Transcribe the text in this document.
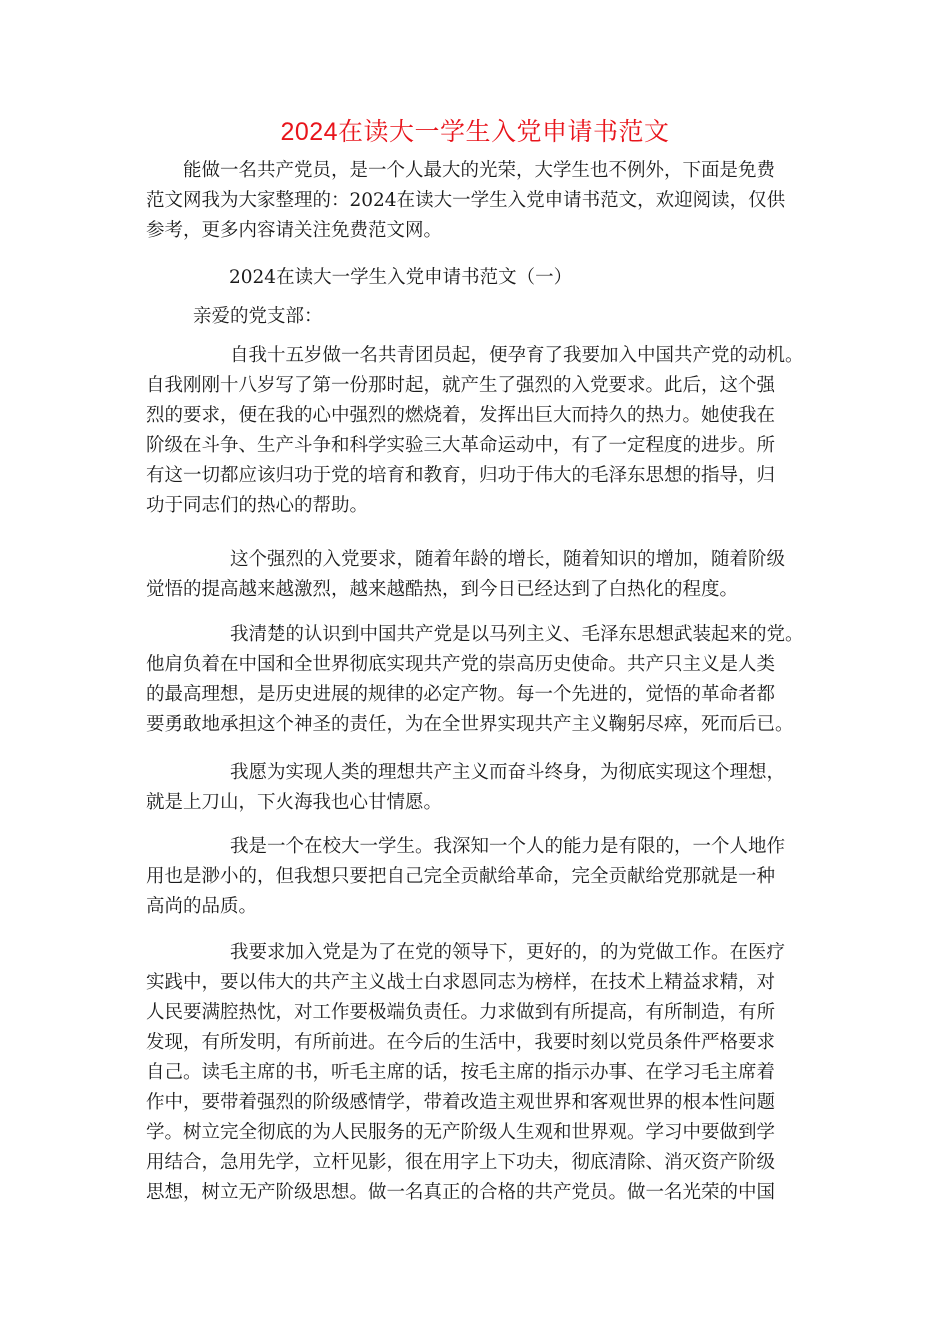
2024在读大一学生入党申请书范文
能做一名共产党员，是一个人最大的光荣，大学生也不例外，下面是免费
范文网我为大家整理的：2024在读大一学生入党申请书范文，欢迎阅读，仅供
参考，更多内容请关注免费范文网。
2024在读大一学生入党申请书范文（一）
亲爱的党支部：
自我十五岁做一名共青团员起，便孕育了我要加入中国共产党的动机。
自我刚刚十八岁写了第一份那时起，就产生了强烈的入党要求。此后，这个强
烈的要求，便在我的心中强烈的燃烧着，发挥出巨大而持久的热力。她使我在
阶级在斗争、生产斗争和科学实验三大革命运动中，有了一定程度的进步。所
有这一切都应该归功于党的培育和教育，归功于伟大的毛泽东思想的指导，归
功于同志们的热心的帮助。
这个强烈的入党要求，随着年龄的增长，随着知识的增加，随着阶级
觉悟的提高越来越激烈，越来越酷热，到今日已经达到了白热化的程度。
我清楚的认识到中国共产党是以马列主义、毛泽东思想武装起来的党。
他肩负着在中国和全世界彻底实现共产党的崇高历史使命。共产只主义是人类
的最高理想，是历史进展的规律的必定产物。每一个先进的，觉悟的革命者都
要勇敢地承担这个神圣的责任，为在全世界实现共产主义鞠躬尽瘁，死而后已。
我愿为实现人类的理想共产主义而奋斗终身，为彻底实现这个理想，
就是上刀山，下火海我也心甘情愿。
我是一个在校大一学生。我深知一个人的能力是有限的，一个人地作
用也是渺小的，但我想只要把自己完全贡献给革命，完全贡献给党那就是一种
高尚的品质。
我要求加入党是为了在党的领导下，更好的，的为党做工作。在医疗
实践中，要以伟大的共产主义战士白求恩同志为榜样，在技术上精益求精，对
人民要满腔热忱，对工作要极端负责任。力求做到有所提高，有所制造，有所
发现，有所发明，有所前进。在今后的生活中，我要时刻以党员条件严格要求
自己。读毛主席的书，听毛主席的话，按毛主席的指示办事、在学习毛主席着
作中，要带着强烈的阶级感情学，带着改造主观世界和客观世界的根本性问题
学。树立完全彻底的为人民服务的无产阶级人生观和世界观。学习中要做到学
用结合，急用先学，立杆见影，很在用字上下功夫，彻底清除、消灭资产阶级
思想，树立无产阶级思想。做一名真正的合格的共产党员。做一名光荣的中国
